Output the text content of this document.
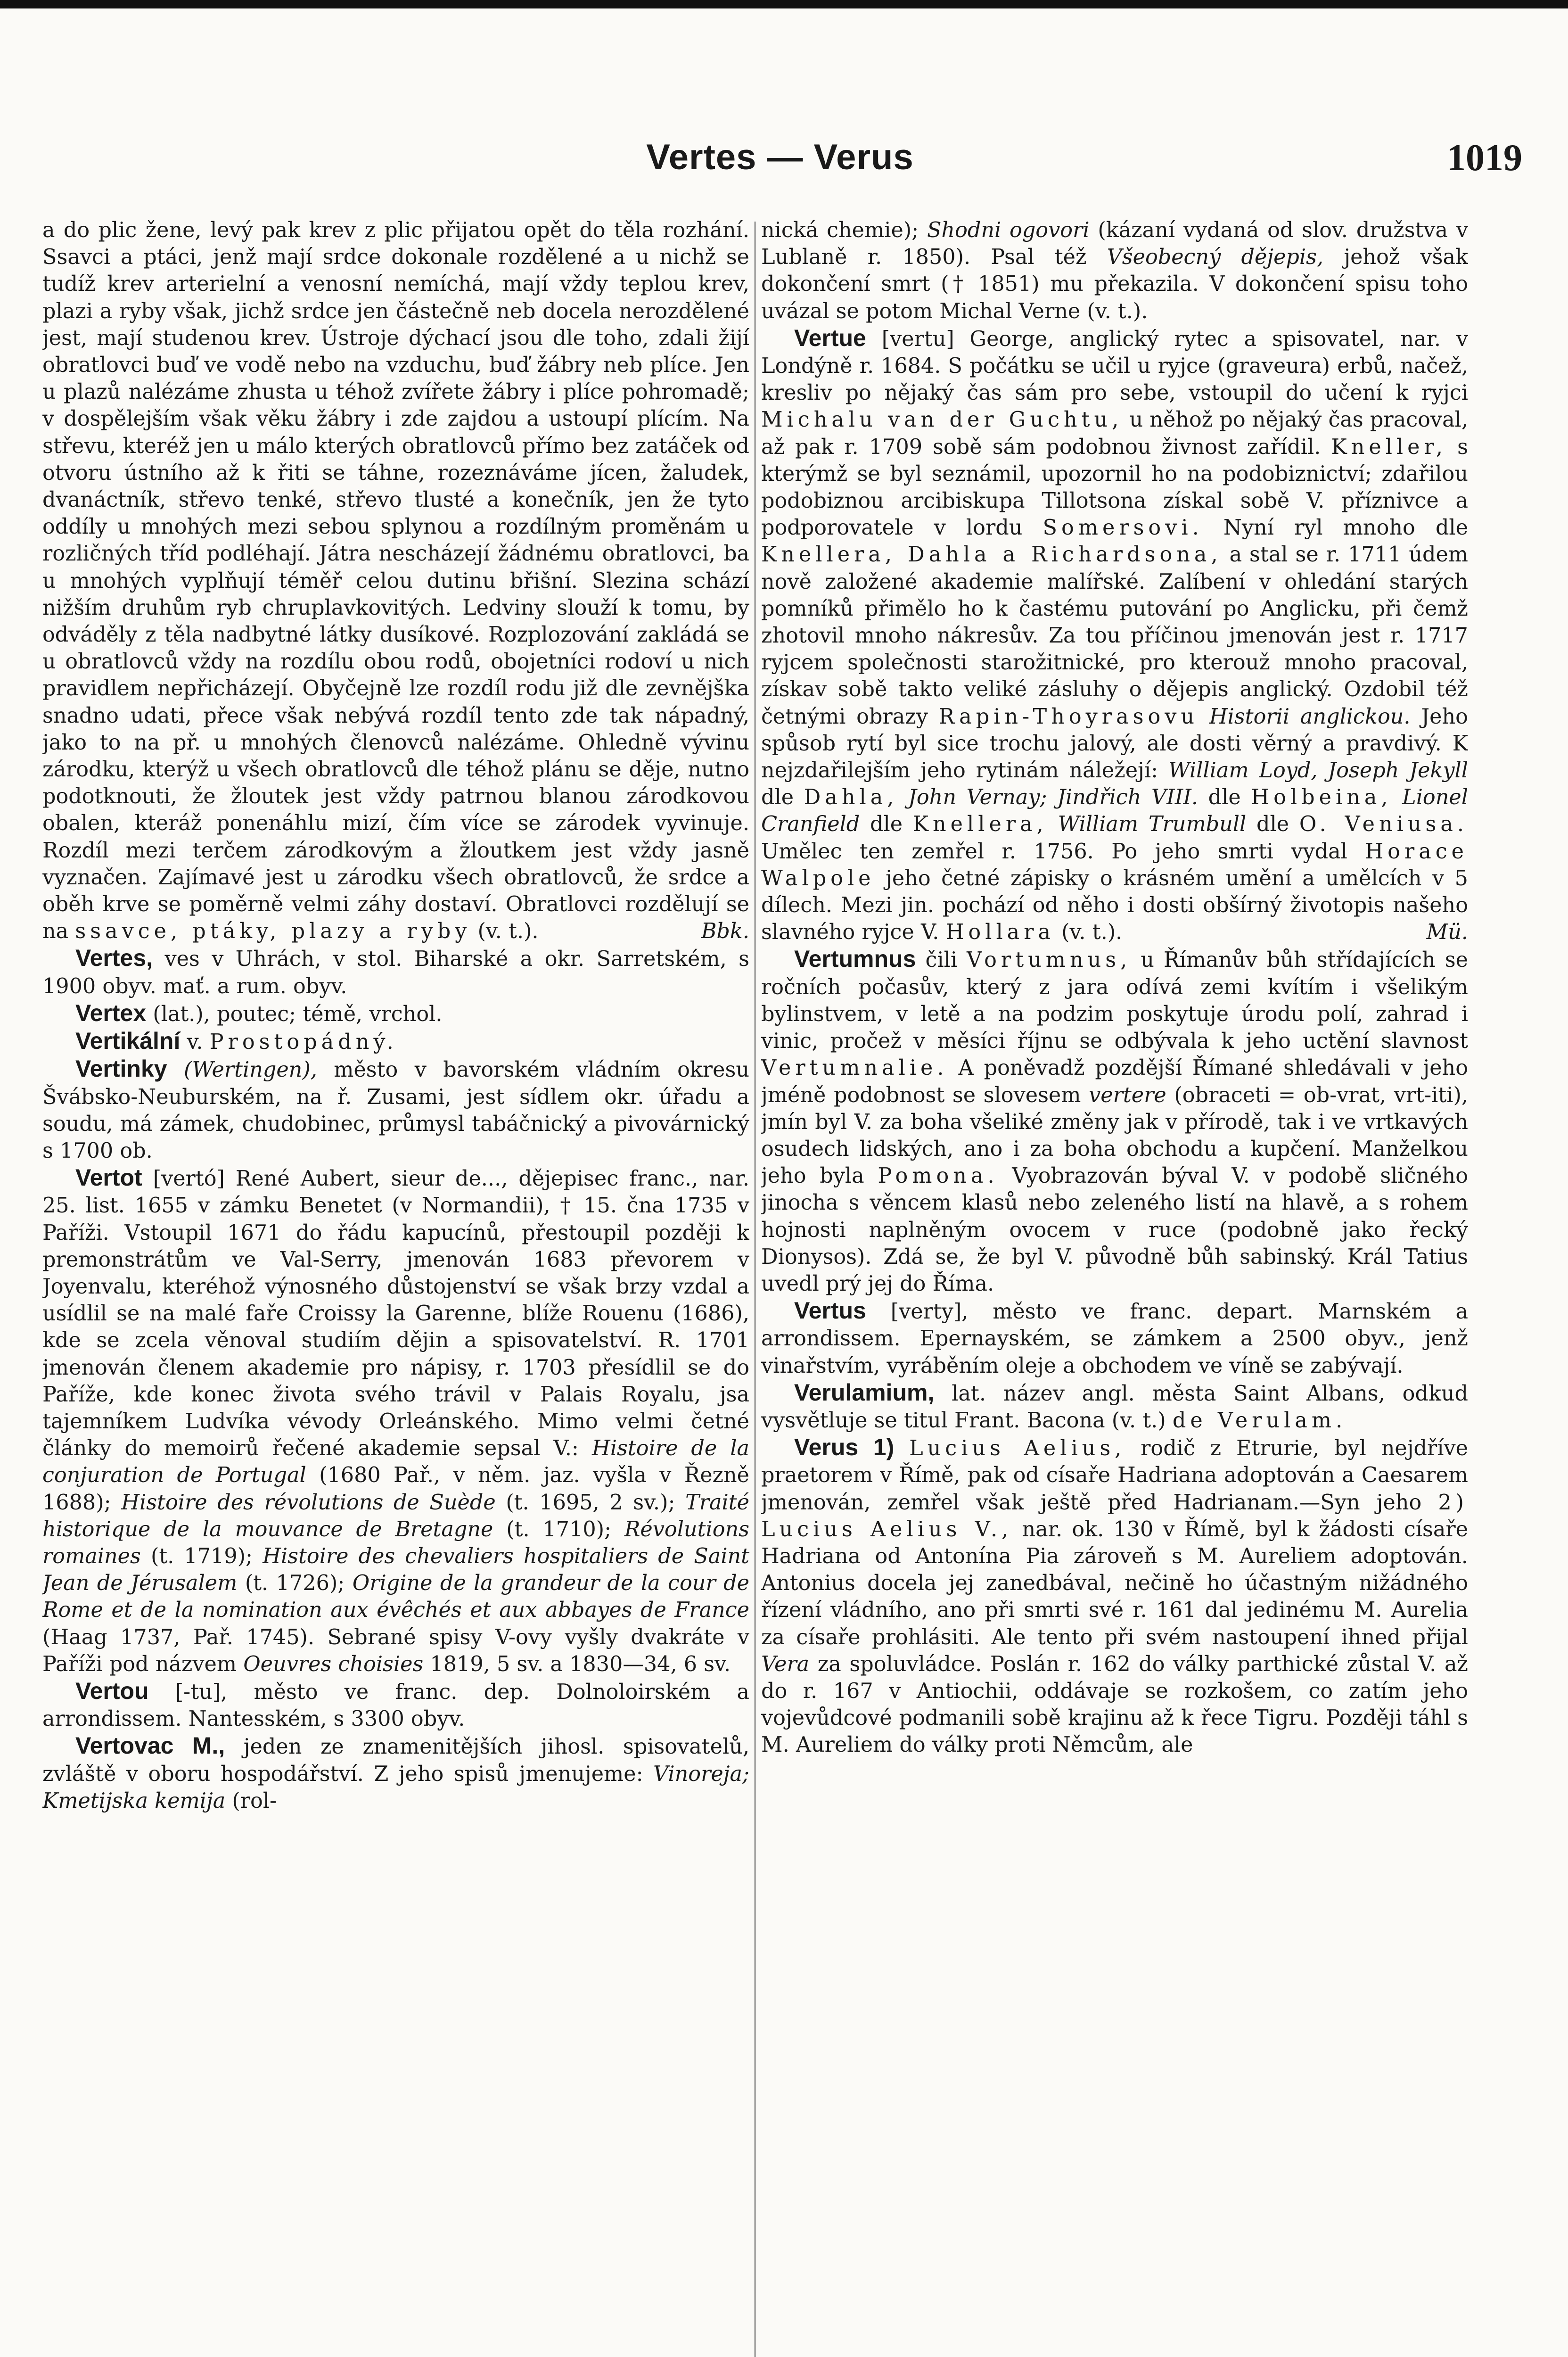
Vertes — Verus	1019

a do plic žene, levý pak krev z plic přijatou opět do těla rozhání. Ssavci a ptáci, jenž mají srdce dokonale rozdělené a u nichž se tudíž krev arterielní a venosní nemíchá, mají vždy teplou krev, plazi a ryby však, jichž srdce jen částečně neb docela nerozdělené jest, mají studenou krev. Ústroje dýchací jsou dle toho, zdali žijí obratlovci buď ve vodě nebo na vzduchu, buď žábry neb plíce. Jen u plazů nalézáme zhusta u téhož zvířete žábry i plíce pohromadě; v dospělejším však věku žábry i zde zajdou a ustoupí plícím. Na střevu, kteréž jen u málo kterých obratlovců přímo bez zatáček od otvoru ústního až k řiti se táhne, rozeznáváme jícen, žaludek, dvanáctník, střevo tenké, střevo tlusté a konečník, jen že tyto oddíly u mnohých mezi sebou splynou a rozdílným proměnám u rozličných tříd podléhají. Játra nescházejí žádnému obratlovci, ba u mnohých vyplňují téměř celou dutinu břišní. Slezina schází nižším druhům ryb chruplavkovitých. Ledviny slouží k tomu, by odváděly z těla nadbytné látky dusíkové. Rozplozování zakládá se u obratlovců vždy na rozdílu obou rodů, obojetníci rodoví u nich pravidlem nepřicházejí. Obyčejně lze rozdíl rodu již dle zevnějška snadno udati, přece však nebývá rozdíl tento zde tak nápadný, jako to na př. u mnohých členovců nalézáme. Ohledně vývinu zárodku, kterýž u všech obratlovců dle téhož plánu se děje, nutno podotknouti, že žloutek jest vždy patrnou blanou zárodkovou obalen, kteráž ponenáhlu mizí, čím více se zárodek vyvinuje. Rozdíl mezi terčem zárodkovým a žloutkem jest vždy jasně vyznačen. Zajímavé jest u zárodku všech obratlovců, že srdce a oběh krve se poměrně velmi záhy dostaví. Obratlovci rozdělují se na ssavce, ptáky, plazy a ryby (v. t.).	Bbk.

Vertes, ves v Uhrách, v stol. Biharské a okr. Sarretském, s 1900 obyv. mať. a rum. obyv.

Vertex (lat.), poutec; témě, vrchol.

Vertikální v. Prostopádný.

Vertinky (Wertingen), město v bavorském vládním okresu Švábsko-Neuburském, na ř. Zusami, jest sídlem okr. úřadu a soudu, má zámek, chudobinec, průmysl tabáčnický a pivovárnický s 1700 ob.

Vertot [vertó] René Aubert, sieur de..., dějepisec franc., nar. 25. list. 1655 v zámku Benetet (v Normandii), † 15. čna 1735 v Paříži. Vstoupil 1671 do řádu kapucínů, přestoupil později k premonstrátům ve Val-Serry, jmenován 1683 převorem v Joyenvalu, kteréhož výnosného důstojenství se však brzy vzdal a usídlil se na malé faře Croissy la Garenne, blíže Rouenu (1686), kde se zcela věnoval studiím dějin a spisovatelství. R. 1701 jmenován členem akademie pro nápisy, r. 1703 přesídlil se do Paříže, kde konec života svého trávil v Palais Royalu, jsa tajemníkem Ludvíka vévody Orleánského. Mimo velmi četné články do memoirů řečené akademie sepsal V.: Histoire de la conjuration de Portugal (1680 Pař., v něm. jaz. vyšla v Řezně 1688); Histoire des révolutions de Suède (t. 1695, 2 sv.); Traité historique de la mouvance de Bretagne (t. 1710); Révolutions romaines (t. 1719); Histoire des chevaliers hospitaliers de Saint Jean de Jérusalem (t. 1726); Origine de la grandeur de la cour de Rome et de la nomination aux évêchés et aux abbayes de France (Haag 1737, Pař. 1745). Sebrané spisy V-ovy vyšly dvakráte v Paříži pod názvem Oeuvres choisies 1819, 5 sv. a 1830—34, 6 sv.

Vertou [-tu], město ve franc. dep. Dolnoloirském a arrondissem. Nantesském, s 3300 obyv.

Vertovac M., jeden ze znamenitějších jihosl. spisovatelů, zvláště v oboru hospodářství. Z jeho spisů jmenujeme: Vinoreja; Kmetijska kemija (rol-

nická chemie); Shodni ogovori (kázaní vydaná od slov. družstva v Lublaně r. 1850). Psal též Všeobecný dějepis, jehož však dokončení smrt († 1851) mu překazila. V dokončení spisu toho uvázal se potom Michal Verne (v. t.).

Vertue [vertu] George, anglický rytec a spisovatel, nar. v Londýně r. 1684. S počátku se učil u ryjce (graveura) erbů, načež, kresliv po nějaký čas sám pro sebe, vstoupil do učení k ryjci Michalu van der Guchtu, u něhož po nějaký čas pracoval, až pak r. 1709 sobě sám podobnou živnost zařídil. Kneller, s kterýmž se byl seznámil, upozornil ho na podobiznictví; zdařilou podobiznou arcibiskupa Tillotsona získal sobě V. příznivce a podporovatele v lordu Somersovi. Nyní ryl mnoho dle Knellera, Dahla a Richardsona, a stal se r. 1711 údem nově založené akademie malířské. Zalíbení v ohledání starých pomníků přimělo ho k častému putování po Anglicku, při čemž zhotovil mnoho nákresův. Za tou příčinou jmenován jest r. 1717 ryjcem společnosti starožitnické, pro kterouž mnoho pracoval, získav sobě takto veliké zásluhy o dějepis anglický. Ozdobil též četnými obrazy Rapin-Thoyrasovu Historii anglickou. Jeho spůsob rytí byl sice trochu jalový, ale dosti věrný a pravdivý. K nejzdařilejším jeho rytinám náležejí: William Loyd, Joseph Jekyll dle Dahla, John Vernay; Jindřich VIII. dle Holbeina, Lionel Cranfield dle Knellera, William Trumbull dle O. Veniusa. Umělec ten zemřel r. 1756. Po jeho smrti vydal Horace Walpole jeho četné zápisky o krásném umění a umělcích v 5 dílech. Mezi jin. pochází od něho i dosti obšírný životopis našeho slavného ryjce V. Hollara (v. t.).	Mü.

Vertumnus čili Vortumnus, u Římanův bůh střídajících se ročních počasův, který z jara odívá zemi kvítím i všelikým bylinstvem, v letě a na podzim poskytuje úrodu polí, zahrad i vinic, pročež v měsíci říjnu se odbývala k jeho uctění slavnost Vertumnalie. A poněvadž pozdější Římané shledávali v jeho jméně podobnost se slovesem vertere (obraceti = ob-vrat, vrt-iti), jmín byl V. za boha všeliké změny jak v přírodě, tak i ve vrtkavých osudech lidských, ano i za boha obchodu a kupčení. Manželkou jeho byla Pomona. Vyobrazován býval V. v podobě sličného jinocha s věncem klasů nebo zeleného listí na hlavě, a s rohem hojnosti naplněným ovocem v ruce (podobně jako řecký Dionysos). Zdá se, že byl V. původně bůh sabinský. Král Tatius uvedl prý jej do Říma.

Vertus [verty], město ve franc. depart. Marnském a arrondissem. Epernayském, se zámkem a 2500 obyv., jenž vinařstvím, vyráběním oleje a obchodem ve víně se zabývají.

Verulamium, lat. název angl. města Saint Albans, odkud vysvětluje se titul Frant. Bacona (v. t.) de Verulam.

Verus 1) Lucius Aelius, rodič z Etrurie, byl nejdříve praetorem v Římě, pak od císaře Hadriana adoptován a Caesarem jmenován, zemřel však ještě před Hadrianam.—Syn jeho 2) Lucius Aelius V., nar. ok. 130 v Římě, byl k žádosti císaře Hadriana od Antonína Pia zároveň s M. Aureliem adoptován. Antonius docela jej zanedbával, nečině ho účastným nižádného řízení vládního, ano při smrti své r. 161 dal jedinému M. Aurelia za císaře prohlásiti. Ale tento při svém nastoupení ihned přijal Vera za spoluvládce. Poslán r. 162 do války parthické zůstal V. až do r. 167 v Antiochii, oddávaje se rozkošem, co zatím jeho vojevůdcové podmanili sobě krajinu až k řece Tigru. Později táhl s M. Aureliem do války proti Němcům, ale
